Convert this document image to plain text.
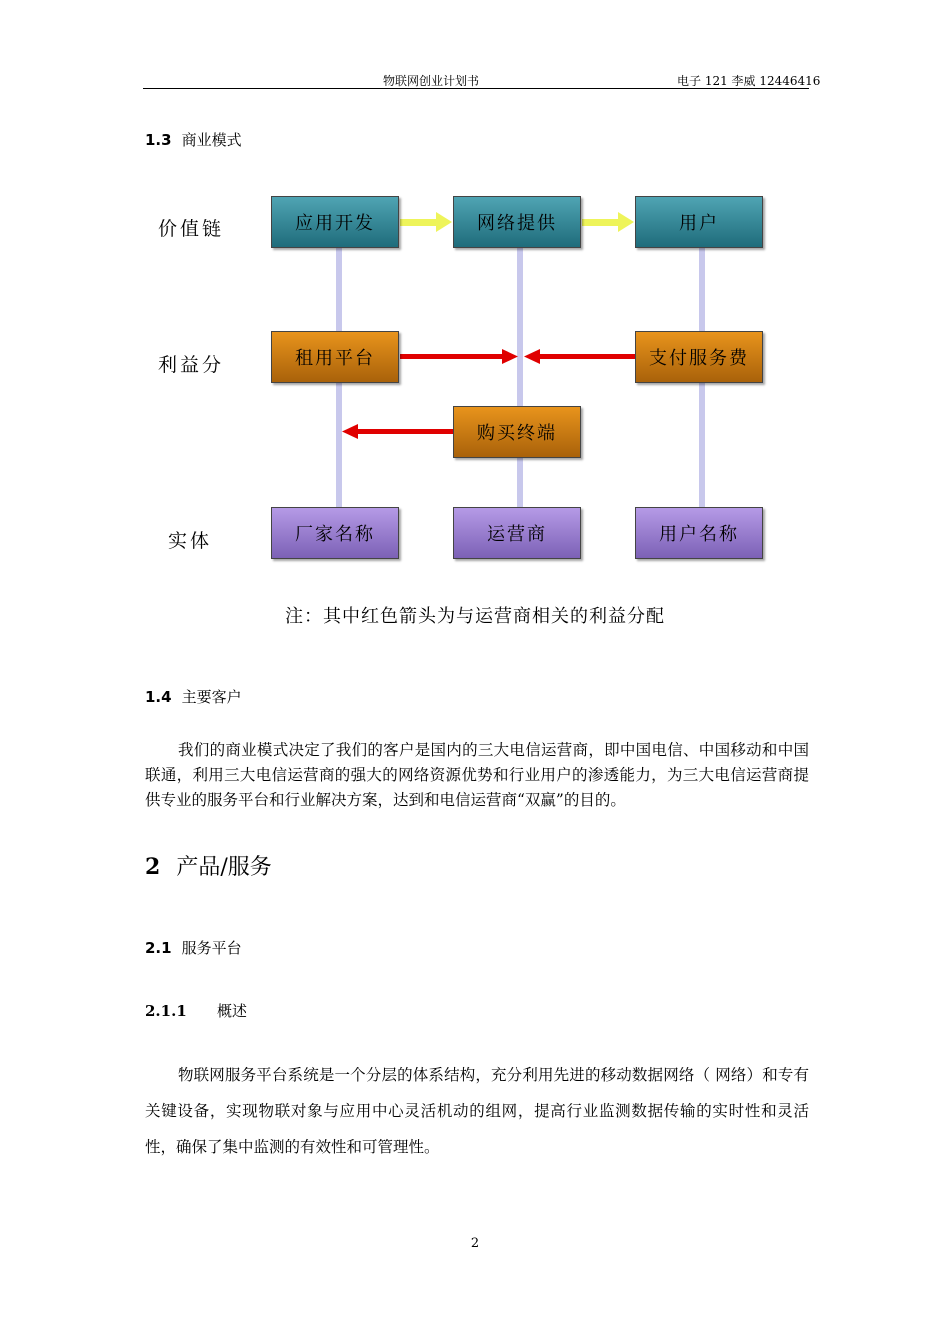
物联网创业计划书	电子 121 李威 12446416
1.3 商业模式
价值链
利益分
实体
应用开发	网络提供	用户
租用平台	支付服务费
购买终端
厂家名称	运营商	用户名称
注：其中红色箭头为与运营商相关的利益分配
1.4 主要客户
我们的商业模式决定了我们的客户是国内的三大电信运营商，即中国电信、中国移动和中国联通，利用三大电信运营商的强大的网络资源优势和行业用户的渗透能力，为三大电信运营商提供专业的服务平台和行业解决方案，达到和电信运营商“双赢”的目的。
2 产品/服务
2.1 服务平台
2.1.1 概述
物联网服务平台系统是一个分层的体系结构，充分利用先进的移动数据网络（ 网络）和专有关键设备，实现物联对象与应用中心灵活机动的组网，提高行业监测数据传输的实时性和灵活性，确保了集中监测的有效性和可管理性。
2
